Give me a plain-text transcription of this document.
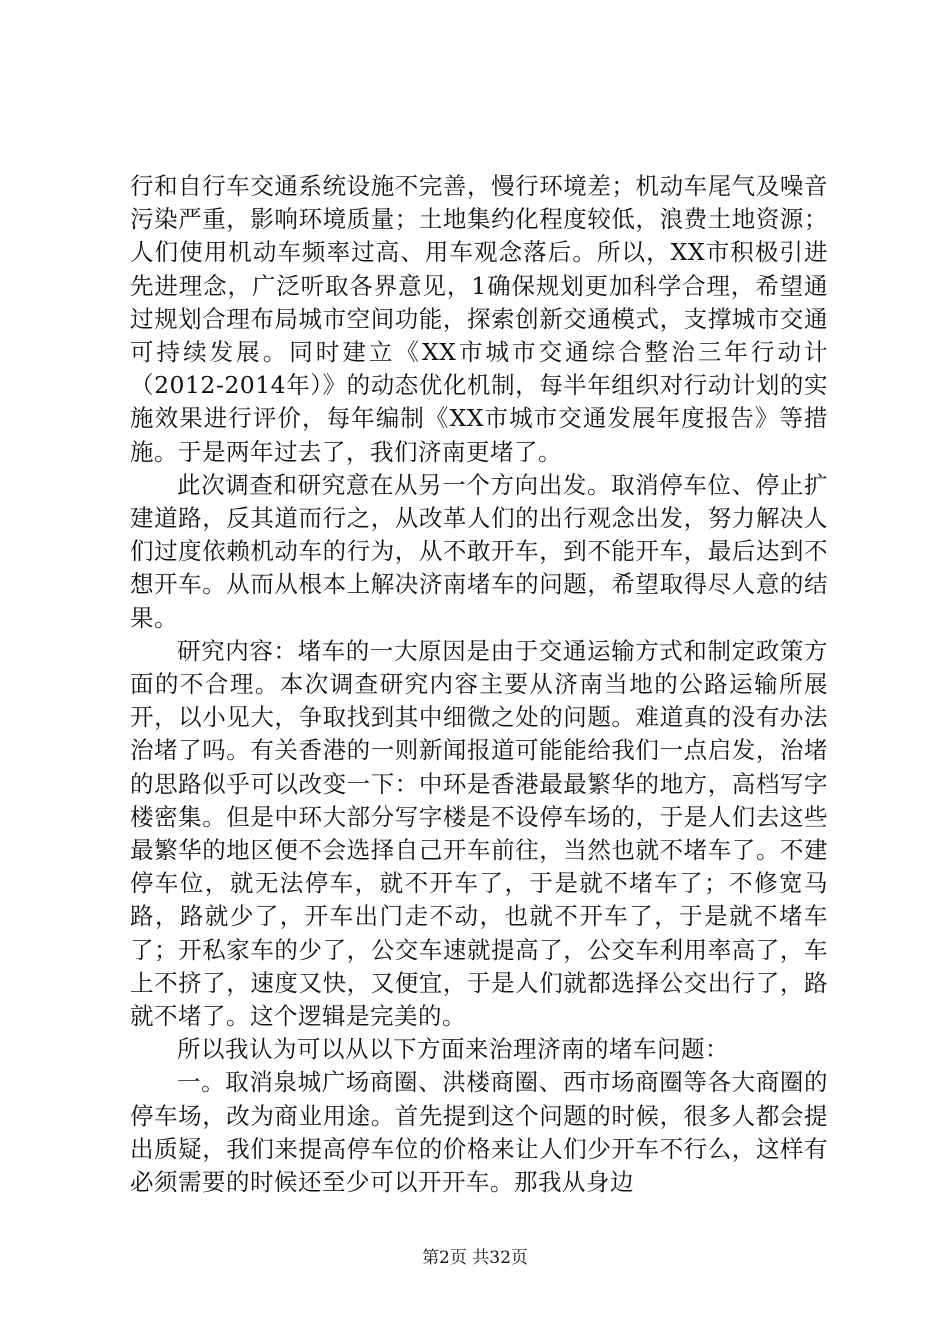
行和自行车交通系统设施不完善，慢行环境差；机动车尾气及噪音污染严重，影响环境质量；土地集约化程度较低，浪费土地资源；人们使用机动车频率过高、用车观念落后。所以，XX市积极引进先进理念，广泛听取各界意见，1确保规划更加科学合理，希望通过规划合理布局城市空间功能，探索创新交通模式，支撑城市交通可持续发展。同时建立《XX市城市交通综合整治三年行动计（2012-2014年）》的动态优化机制，每半年组织对行动计划的实施效果进行评价，每年编制《XX市城市交通发展年度报告》等措施。于是两年过去了，我们济南更堵了。

此次调查和研究意在从另一个方向出发。取消停车位、停止扩建道路，反其道而行之，从改革人们的出行观念出发，努力解决人们过度依赖机动车的行为，从不敢开车，到不能开车，最后达到不想开车。从而从根本上解决济南堵车的问题，希望取得尽人意的结果。

研究内容：堵车的一大原因是由于交通运输方式和制定政策方面的不合理。本次调查研究内容主要从济南当地的公路运输所展开，以小见大，争取找到其中细微之处的问题。难道真的没有办法治堵了吗。有关香港的一则新闻报道可能能给我们一点启发，治堵的思路似乎可以改变一下：中环是香港最最繁华的地方，高档写字楼密集。但是中环大部分写字楼是不设停车场的，于是人们去这些最繁华的地区便不会选择自己开车前往，当然也就不堵车了。不建停车位，就无法停车，就不开车了，于是就不堵车了；不修宽马路，路就少了，开车出门走不动，也就不开车了，于是就不堵车了；开私家车的少了，公交车速就提高了，公交车利用率高了，车上不挤了，速度又快，又便宜，于是人们就都选择公交出行了，路就不堵了。这个逻辑是完美的。

所以我认为可以从以下方面来治理济南的堵车问题：

一。取消泉城广场商圈、洪楼商圈、西市场商圈等各大商圈的停车场，改为商业用途。首先提到这个问题的时候，很多人都会提出质疑，我们来提高停车位的价格来让人们少开车不行么，这样有必须需要的时候还至少可以开开车。那我从身边

第2页 共32页
